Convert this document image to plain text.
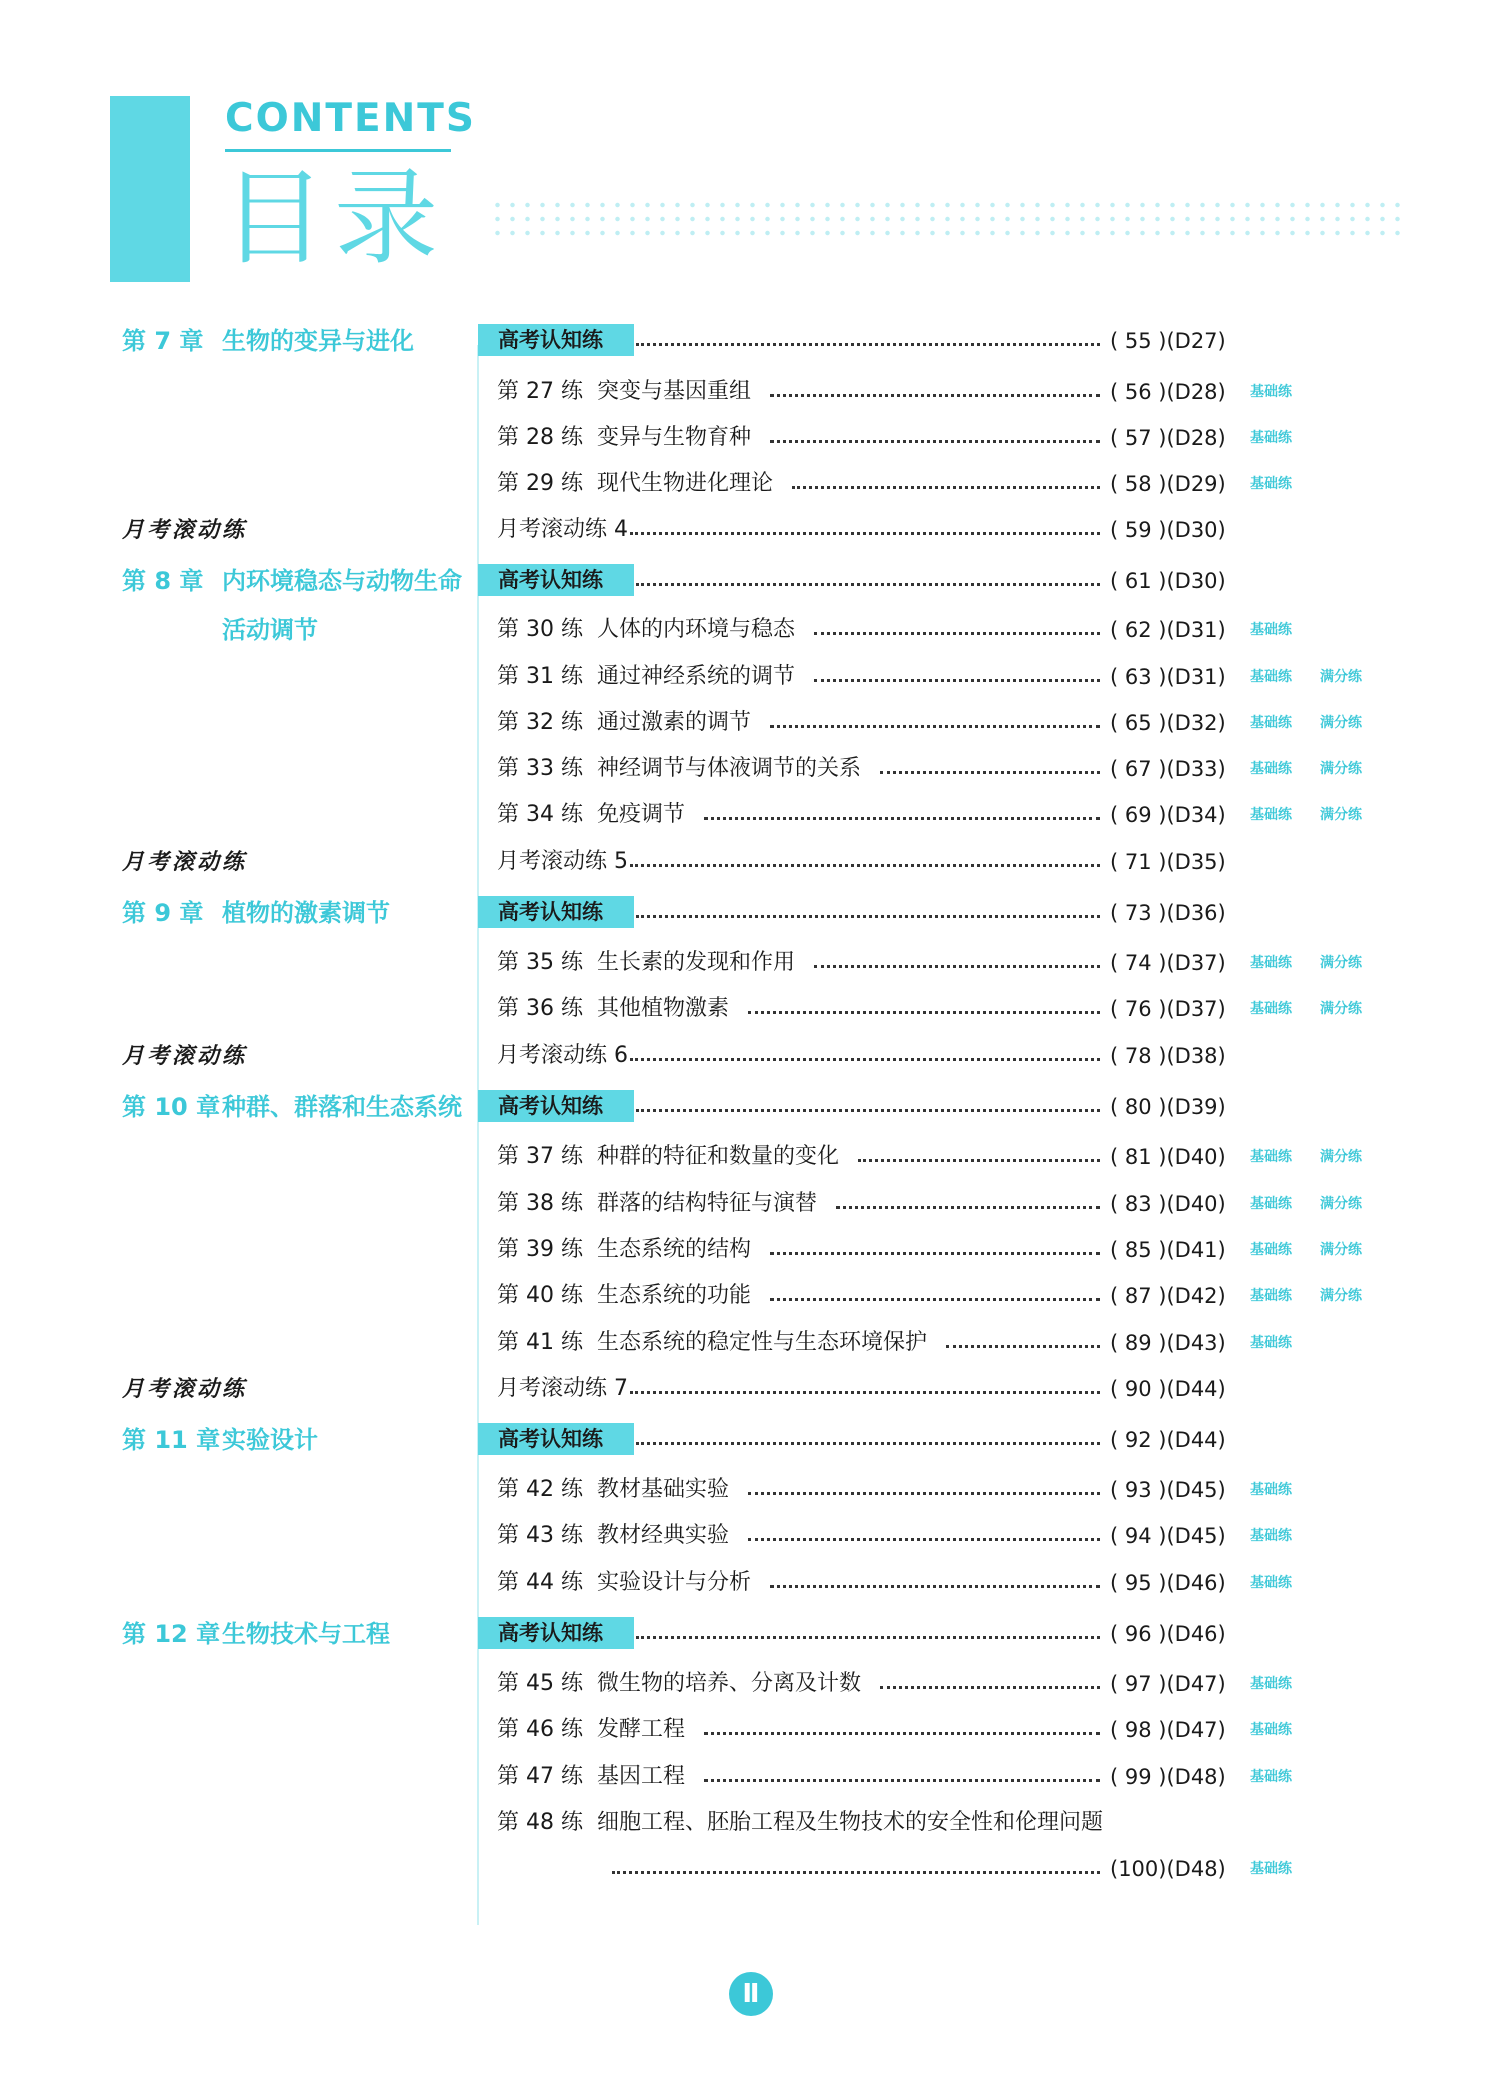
CONTENTS
目录
第 7 章 生物的变异与进化	高考认知练	( 55 )(D27)
第 27 练 突变与基因重组	( 56 )(D28)	基础练
第 28 练 变异与生物育种	( 57 )(D28)	基础练
第 29 练 现代生物进化理论	( 58 )(D29)	基础练
月考滚动练	月考滚动练 4	( 59 )(D30)
第 8 章 内环境稳态与动物生命	高考认知练	( 61 )(D30)
活动调节	第 30 练 人体的内环境与稳态	( 62 )(D31)	基础练
第 31 练 通过神经系统的调节	( 63 )(D31)	基础练 满分练
第 32 练 通过激素的调节	( 65 )(D32)	基础练 满分练
第 33 练 神经调节与体液调节的关系	( 67 )(D33)	基础练 满分练
第 34 练 免疫调节	( 69 )(D34)	基础练 满分练
月考滚动练	月考滚动练 5	( 71 )(D35)
第 9 章 植物的激素调节	高考认知练	( 73 )(D36)
第 35 练 生长素的发现和作用	( 74 )(D37)	基础练 满分练
第 36 练 其他植物激素	( 76 )(D37)	基础练 满分练
月考滚动练	月考滚动练 6	( 78 )(D38)
第 10 章种群、群落和生态系统	高考认知练	( 80 )(D39)
第 37 练 种群的特征和数量的变化	( 81 )(D40)	基础练 满分练
第 38 练 群落的结构特征与演替	( 83 )(D40)	基础练 满分练
第 39 练 生态系统的结构	( 85 )(D41)	基础练 满分练
第 40 练 生态系统的功能	( 87 )(D42)	基础练 满分练
第 41 练 生态系统的稳定性与生态环境保护	( 89 )(D43)	基础练
月考滚动练	月考滚动练 7	( 90 )(D44)
第 11 章实验设计	高考认知练	( 92 )(D44)
第 42 练 教材基础实验	( 93 )(D45)	基础练
第 43 练 教材经典实验	( 94 )(D45)	基础练
第 44 练 实验设计与分析	( 95 )(D46)	基础练
第 12 章生物技术与工程	高考认知练	( 96 )(D46)
第 45 练 微生物的培养、分离及计数	( 97 )(D47)	基础练
第 46 练 发酵工程	( 98 )(D47)	基础练
第 47 练 基因工程	( 99 )(D48)	基础练
第 48 练 细胞工程、胚胎工程及生物技术的安全性和伦理问题
(100)(D48)	基础练
Ⅱ
